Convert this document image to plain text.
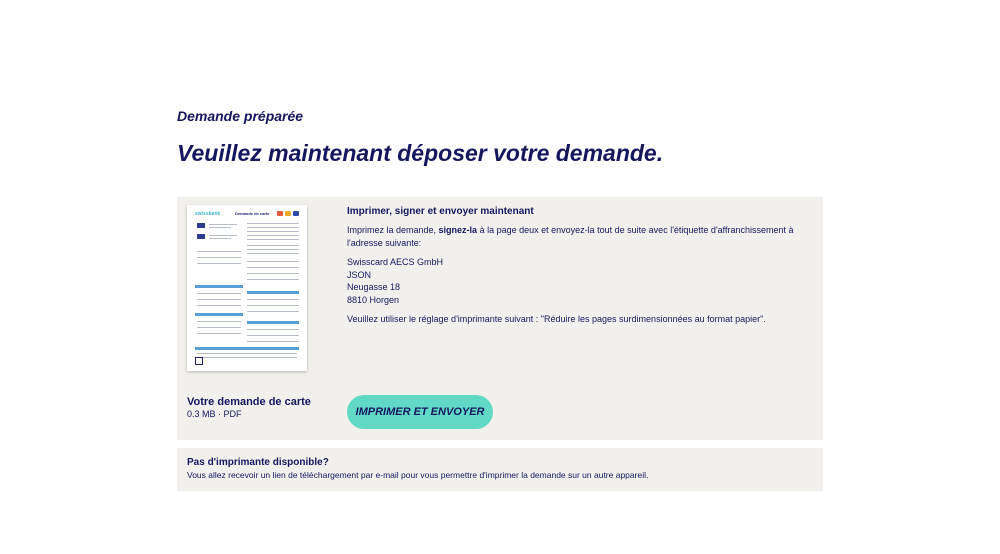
Demande préparée
Veuillez maintenant déposer votre demande.
swissbank	Demande de carte
Votre demande de carte
0.3 MB · PDF
Imprimer, signer et envoyer maintenant
Imprimez la demande, signez-la à la page deux et envoyez-la tout de suite avec l'étiquette d'affranchissement à l'adresse suivante:
Swisscard AECS GmbH
JSON
Neugasse 18
8810 Horgen
Veuillez utiliser le réglage d'imprimante suivant : "Réduire les pages surdimensionnées au format papier".
IMPRIMER ET ENVOYER
Pas d'imprimante disponible?
Vous allez recevoir un lien de téléchargement par e-mail pour vous permettre d'imprimer la demande sur un autre appareil.
